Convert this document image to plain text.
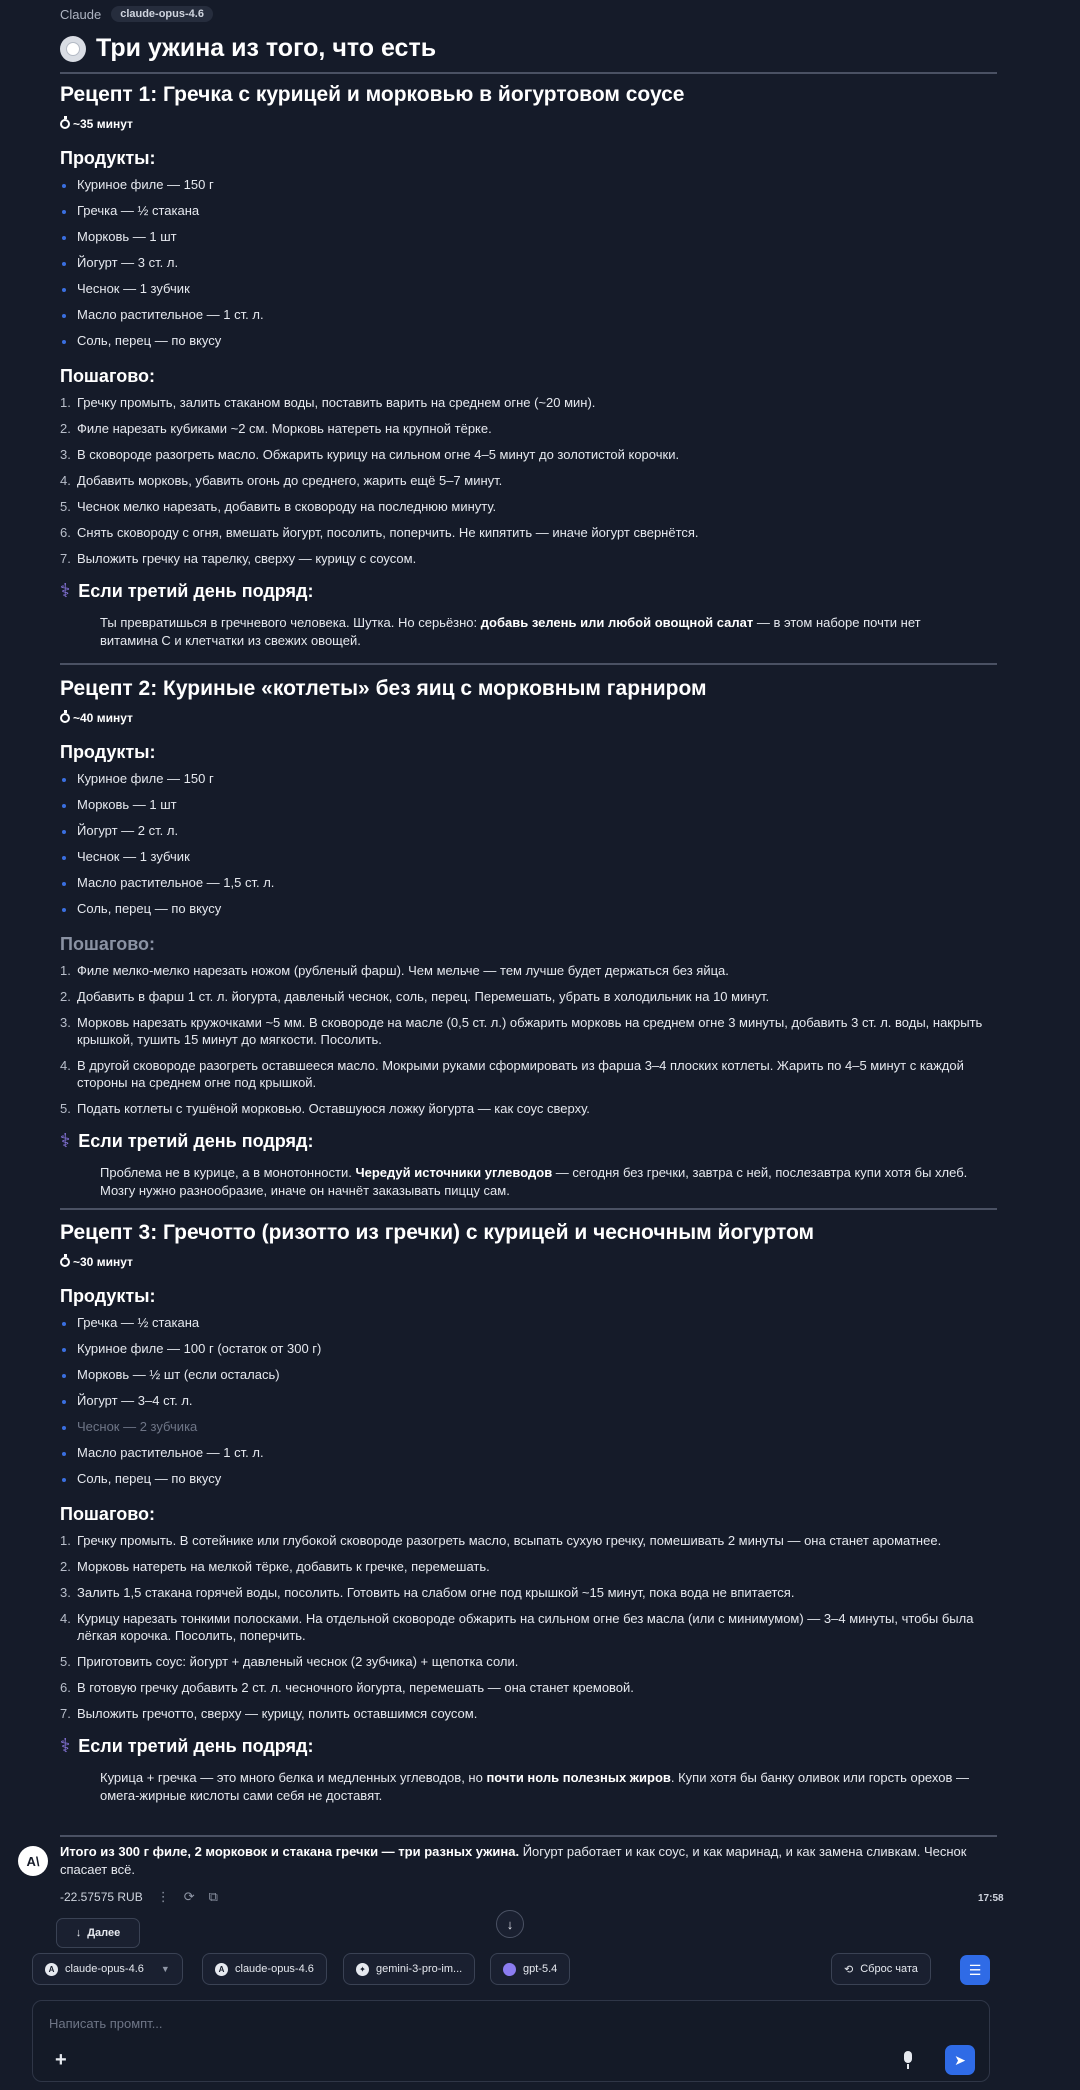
Claude	claude-opus-4.6
Три ужина из того, что есть
Рецепт 1: Гречка с курицей и морковью в йогуртовом соусе
~35 минут
Продукты:
Куриное филе — 150 г
Гречка — ½ стакана
Морковь — 1 шт
Йогурт — 3 ст. л.
Чеснок — 1 зубчик
Масло растительное — 1 ст. л.
Соль, перец — по вкусу
Пошагово:
1. Гречку промыть, залить стаканом воды, поставить варить на среднем огне (~20 мин).
2. Филе нарезать кубиками ~2 см. Морковь натереть на крупной тёрке.
3. В сковороде разогреть масло. Обжарить курицу на сильном огне 4–5 минут до золотистой корочки.
4. Добавить морковь, убавить огонь до среднего, жарить ещё 5–7 минут.
5. Чеснок мелко нарезать, добавить в сковороду на последнюю минуту.
6. Снять сковороду с огня, вмешать йогурт, посолить, поперчить. Не кипятить — иначе йогурт свернётся.
7. Выложить гречку на тарелку, сверху — курицу с соусом.
⚕ Если третий день подряд:
Ты превратишься в гречневого человека. Шутка. Но серьёзно: добавь зелень или любой овощной салат — в этом наборе почти нет витамина C и клетчатки из свежих овощей.
Рецепт 2: Куриные «котлеты» без яиц с морковным гарниром
~40 минут
Продукты:
Куриное филе — 150 г
Морковь — 1 шт
Йогурт — 2 ст. л.
Чеснок — 1 зубчик
Масло растительное — 1,5 ст. л.
Соль, перец — по вкусу
Пошагово:
1. Филе мелко-мелко нарезать ножом (рубленый фарш). Чем мельче — тем лучше будет держаться без яйца.
2. Добавить в фарш 1 ст. л. йогурта, давленый чеснок, соль, перец. Перемешать, убрать в холодильник на 10 минут.
3. Морковь нарезать кружочками ~5 мм. В сковороде на масле (0,5 ст. л.) обжарить морковь на среднем огне 3 минуты, добавить 3 ст. л. воды, накрыть крышкой, тушить 15 минут до мягкости. Посолить.
4. В другой сковороде разогреть оставшееся масло. Мокрыми руками сформировать из фарша 3–4 плоских котлеты. Жарить по 4–5 минут с каждой стороны на среднем огне под крышкой.
5. Подать котлеты с тушёной морковью. Оставшуюся ложку йогурта — как соус сверху.
⚕ Если третий день подряд:
Проблема не в курице, а в монотонности. Чередуй источники углеводов — сегодня без гречки, завтра с ней, послезавтра купи хотя бы хлеб. Мозгу нужно разнообразие, иначе он начнёт заказывать пиццу сам.
Рецепт 3: Гречотто (ризотто из гречки) с курицей и чесночным йогуртом
~30 минут
Продукты:
Гречка — ½ стакана
Куриное филе — 100 г (остаток от 300 г)
Морковь — ½ шт (если осталась)
Йогурт — 3–4 ст. л.
Чеснок — 2 зубчика
Масло растительное — 1 ст. л.
Соль, перец — по вкусу
Пошагово:
1. Гречку промыть. В сотейнике или глубокой сковороде разогреть масло, всыпать сухую гречку, помешивать 2 минуты — она станет ароматнее.
2. Морковь натереть на мелкой тёрке, добавить к гречке, перемешать.
3. Залить 1,5 стакана горячей воды, посолить. Готовить на слабом огне под крышкой ~15 минут, пока вода не впитается.
4. Курицу нарезать тонкими полосками. На отдельной сковороде обжарить на сильном огне без масла (или с минимумом) — 3–4 минуты, чтобы была лёгкая корочка. Посолить, поперчить.
5. Приготовить соус: йогурт + давленый чеснок (2 зубчика) + щепотка соли.
6. В готовую гречку добавить 2 ст. л. чесночного йогурта, перемешать — она станет кремовой.
7. Выложить гречотто, сверху — курицу, полить оставшимся соусом.
⚕ Если третий день подряд:
Курица + гречка — это много белка и медленных углеводов, но почти ноль полезных жиров. Купи хотя бы банку оливок или горсть орехов — омега-жирные кислоты сами себя не доставят.
A\
Итого из 300 г филе, 2 морковок и стакана гречки — три разных ужина. Йогурт работает и как соус, и как маринад, и как замена сливкам. Чеснок спасает всё.
-22.57575 RUB ⋮ ⟳ ⧉	17:58
↓ Далее
↓
A claude-opus-4.6 ▼	A claude-opus-4.6	✦ gemini-3-pro-im...	gpt-5.4	⟲ Сброс чата	☰
Написать промпт...
+	➤
